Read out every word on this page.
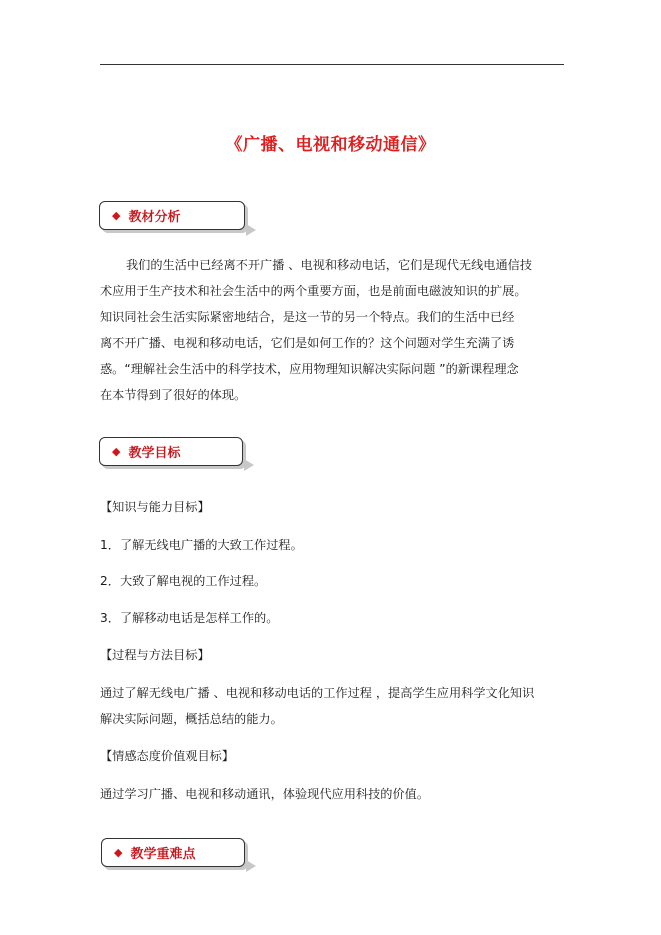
《广播、电视和移动通信》
◆ 教材分析
我们的生活中已经离不开广播 、电视和移动电话，它们是现代无线电通信技
术应用于生产技术和社会生活中的两个重要方面，也是前面电磁波知识的扩展。
知识同社会生活实际紧密地结合，是这一节的另一个特点。我们的生活中已经
离不开广播、电视和移动电话，它们是如何工作的？这个问题对学生充满了诱
惑。“理解社会生活中的科学技术，应用物理知识解决实际问题 ”的新课程理念
在本节得到了很好的体现。
◆ 教学目标
【知识与能力目标】
1．了解无线电广播的大致工作过程。
2．大致了解电视的工作过程。
3．了解移动电话是怎样工作的。
【过程与方法目标】
通过了解无线电广播 、电视和移动电话的工作过程 ，提高学生应用科学文化知识
解决实际问题，概括总结的能力。
【情感态度价值观目标】
通过学习广播、电视和移动通讯，体验现代应用科技的价值。
◆ 教学重难点
